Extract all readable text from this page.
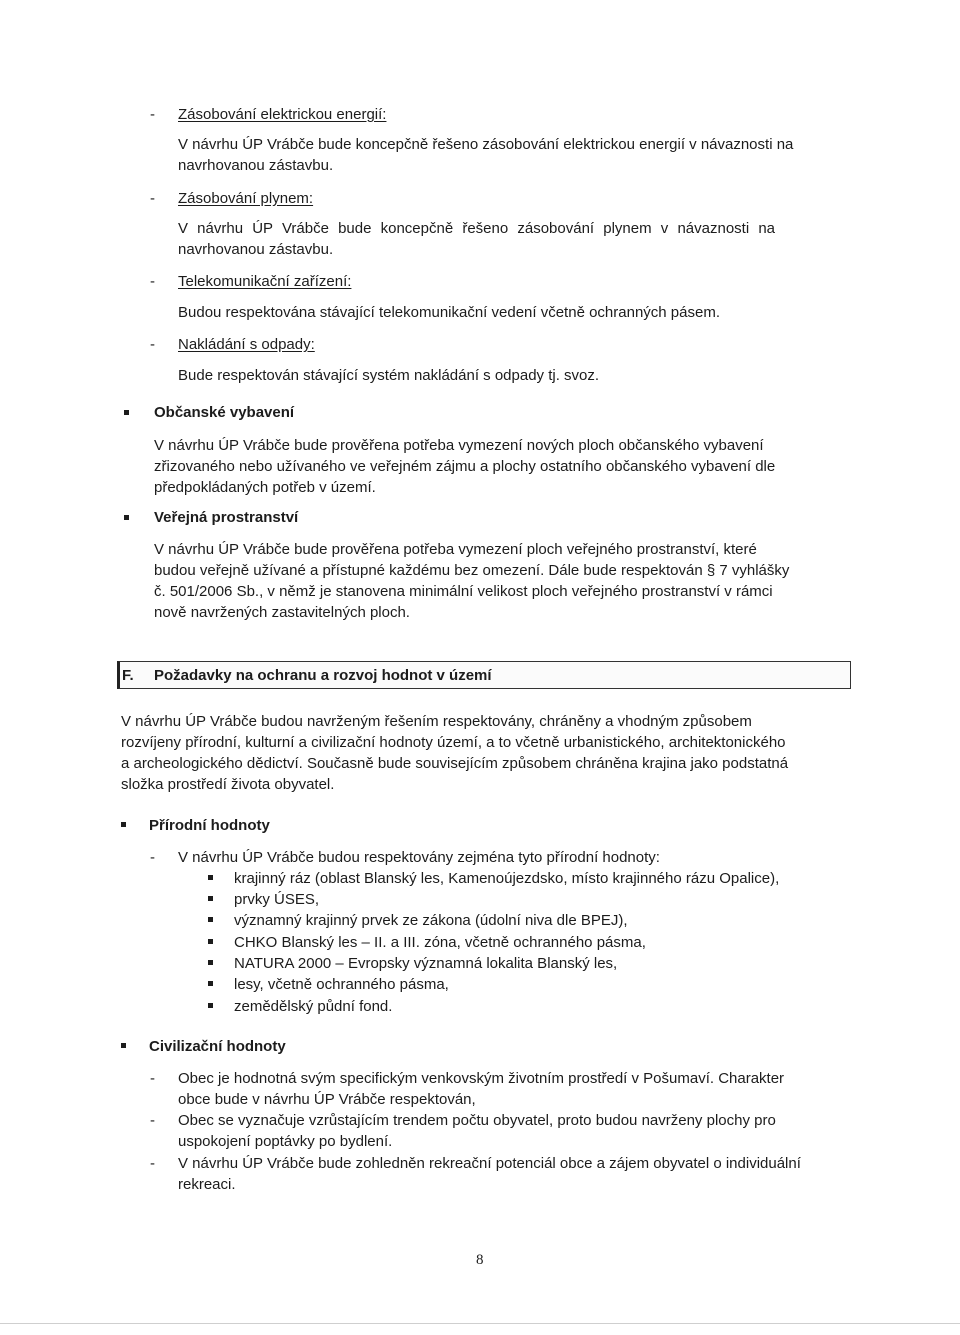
- Zásobování elektrickou energií:
V návrhu ÚP Vrábče bude koncepčně řešeno zásobování elektrickou energií v návaznosti na
navrhovanou zástavbu.
- Zásobování plynem:
V návrhu ÚP Vrábče bude koncepčně řešeno zásobování plynem v návaznosti na
navrhovanou zástavbu.
- Telekomunikační zařízení:
Budou respektována stávající telekomunikační vedení včetně ochranných pásem.
- Nakládání s odpady:
Bude respektován stávající systém nakládání s odpady tj. svoz.
Občanské vybavení
V návrhu ÚP Vrábče bude prověřena potřeba vymezení nových ploch občanského vybavení
zřizovaného nebo užívaného ve veřejném zájmu a plochy ostatního občanského vybavení dle
předpokládaných potřeb v území.
Veřejná prostranství
V návrhu ÚP Vrábče bude prověřena potřeba vymezení ploch veřejného prostranství, které
budou veřejně užívané a přístupné každému bez omezení. Dále bude respektován § 7 vyhlášky
č. 501/2006 Sb., v němž je stanovena minimální velikost ploch veřejného prostranství v rámci
nově navržených zastavitelných ploch.
F. Požadavky na ochranu a rozvoj hodnot v území
V návrhu ÚP Vrábče budou navrženým řešením respektovány, chráněny a vhodným způsobem
rozvíjeny přírodní, kulturní a civilizační hodnoty území, a to včetně urbanistického, architektonického
a archeologického dědictví. Současně bude souvisejícím způsobem chráněna krajina jako podstatná
složka prostředí života obyvatel.
Přírodní hodnoty
- V návrhu ÚP Vrábče budou respektovány zejména tyto přírodní hodnoty:
krajinný ráz (oblast Blanský les, Kamenoújezdsko, místo krajinného rázu Opalice),
prvky ÚSES,
významný krajinný prvek ze zákona (údolní niva dle BPEJ),
CHKO Blanský les – II. a III. zóna, včetně ochranného pásma,
NATURA 2000 – Evropsky významná lokalita Blanský les,
lesy, včetně ochranného pásma,
zemědělský půdní fond.
Civilizační hodnoty
- Obec je hodnotná svým specifickým venkovským životním prostředí v Pošumaví. Charakter
obce bude v návrhu ÚP Vrábče respektován,
- Obec se vyznačuje vzrůstajícím trendem počtu obyvatel, proto budou navrženy plochy pro
uspokojení poptávky po bydlení.
- V návrhu ÚP Vrábče bude zohledněn rekreační potenciál obce a zájem obyvatel o individuální
rekreaci.
8
